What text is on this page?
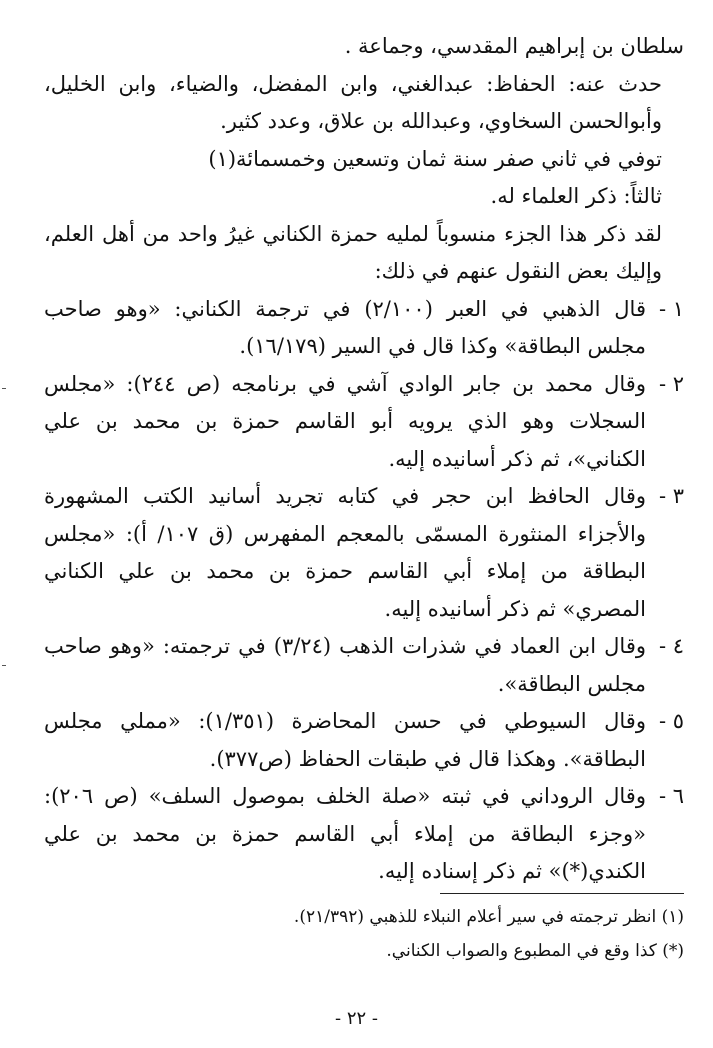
سلطان بن إبراهيم المقدسي، وجماعة .

حدث عنه: الحفاظ: عبدالغني، وابن المفضل، والضياء، وابن الخليل، وأبوالحسن السخاوي، وعبدالله بن علاق، وعدد كثير.

توفي في ثاني صفر سنة ثمان وتسعين وخمسمائة(١)

ثالثاً: ذكر العلماء له.

لقد ذكر هذا الجزء منسوباً لمليه حمزة الكناني غيرُ واحد من أهل العلم، وإليك بعض النقول عنهم في ذلك:

١ -
قال الذهبي في العبر (٢/١٠٠) في ترجمة الكناني: «وهو صاحب مجلس البطاقة» وكذا قال في السير (١٦/١٧٩).
٢ -
وقال محمد بن جابر الوادي آشي في برنامجه (ص ٢٤٤): «مجلس السجلات وهو الذي يرويه أبو القاسم حمزة بن محمد بن علي الكناني»، ثم ذكر أسانيده إليه.
٣ -
وقال الحافظ ابن حجر في كتابه تجريد أسانيد الكتب المشهورة والأجزاء المنثورة المسمّى بالمعجم المفهرس (ق ١٠٧/ أ): «مجلس البطاقة من إملاء أبي القاسم حمزة بن محمد بن علي الكناني المصري» ثم ذكر أسانيده إليه.
٤ -
وقال ابن العماد في شذرات الذهب (٣/٢٤) في ترجمته: «وهو صاحب مجلس البطاقة».
٥ -
وقال السيوطي في حسن المحاضرة (١/٣٥١): «مملي مجلس البطاقة». وهكذا قال في طبقات الحفاظ (ص٣٧٧).
٦ -
وقال الروداني في ثبته «صلة الخلف بموصول السلف» (ص ٢٠٦): «وجزء البطاقة من إملاء أبي القاسم حمزة بن محمد بن علي الكندي(*)» ثم ذكر إسناده إليه.

(١) انظر ترجمته في سير أعلام النبلاء للذهبي (٢١/٣٩٢).

(*) كذا وقع في المطبوع والصواب الكناني.

- ٢٢ -
